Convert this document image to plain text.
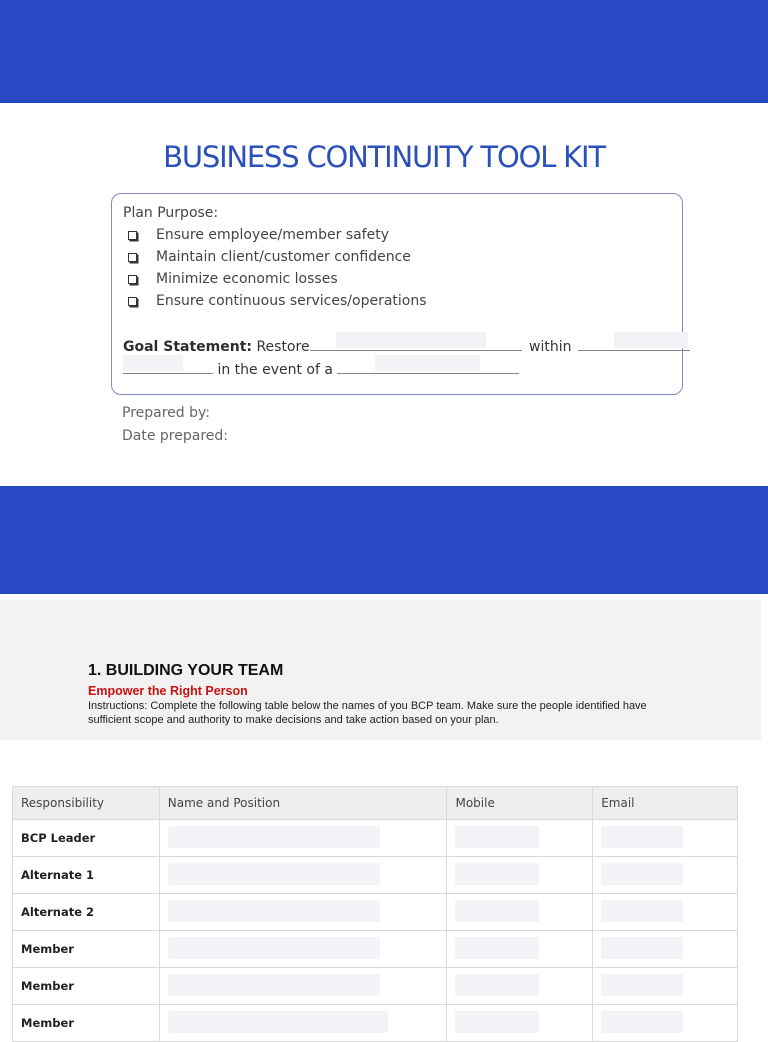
BUSINESS CONTINUITY TOOL KIT
Plan Purpose:
Ensure employee/member safety
Maintain client/customer confidence
Minimize economic losses
Ensure continuous services/operations
Goal Statement: Restore	within
in the event of a
Prepared by:
Date prepared:
1. BUILDING YOUR TEAM
Empower the Right Person
Instructions: Complete the following table below the names of you BCP team. Make sure the people identified have sufficient scope and authority to make decisions and take action based on your plan.
Responsibility	Name and Position	Mobile	Email
BCP Leader			
Alternate 1			
Alternate 2			
Member			
Member			
Member			
